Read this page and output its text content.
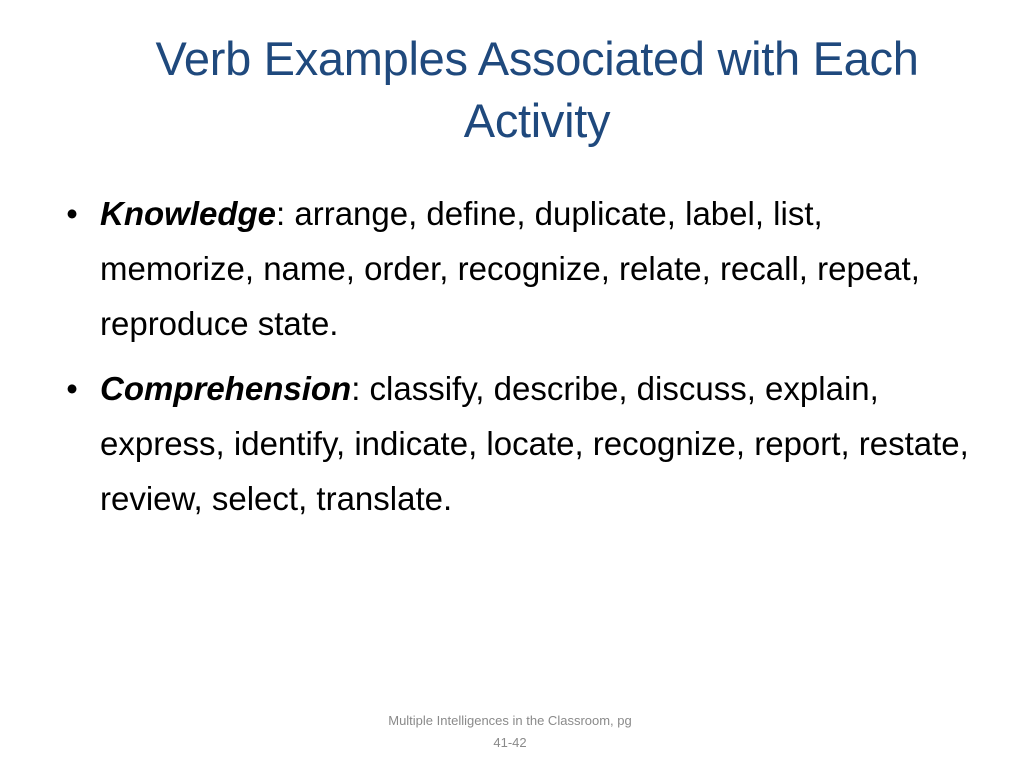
Verb Examples Associated with Each
Activity
• Knowledge: arrange, define, duplicate, label, list, memorize, name, order, recognize, relate, recall, repeat, reproduce state.
• Comprehension: classify, describe, discuss, explain, express, identify, indicate, locate, recognize, report, restate, review, select, translate.
Multiple Intelligences in the Classroom, pg
41-42
